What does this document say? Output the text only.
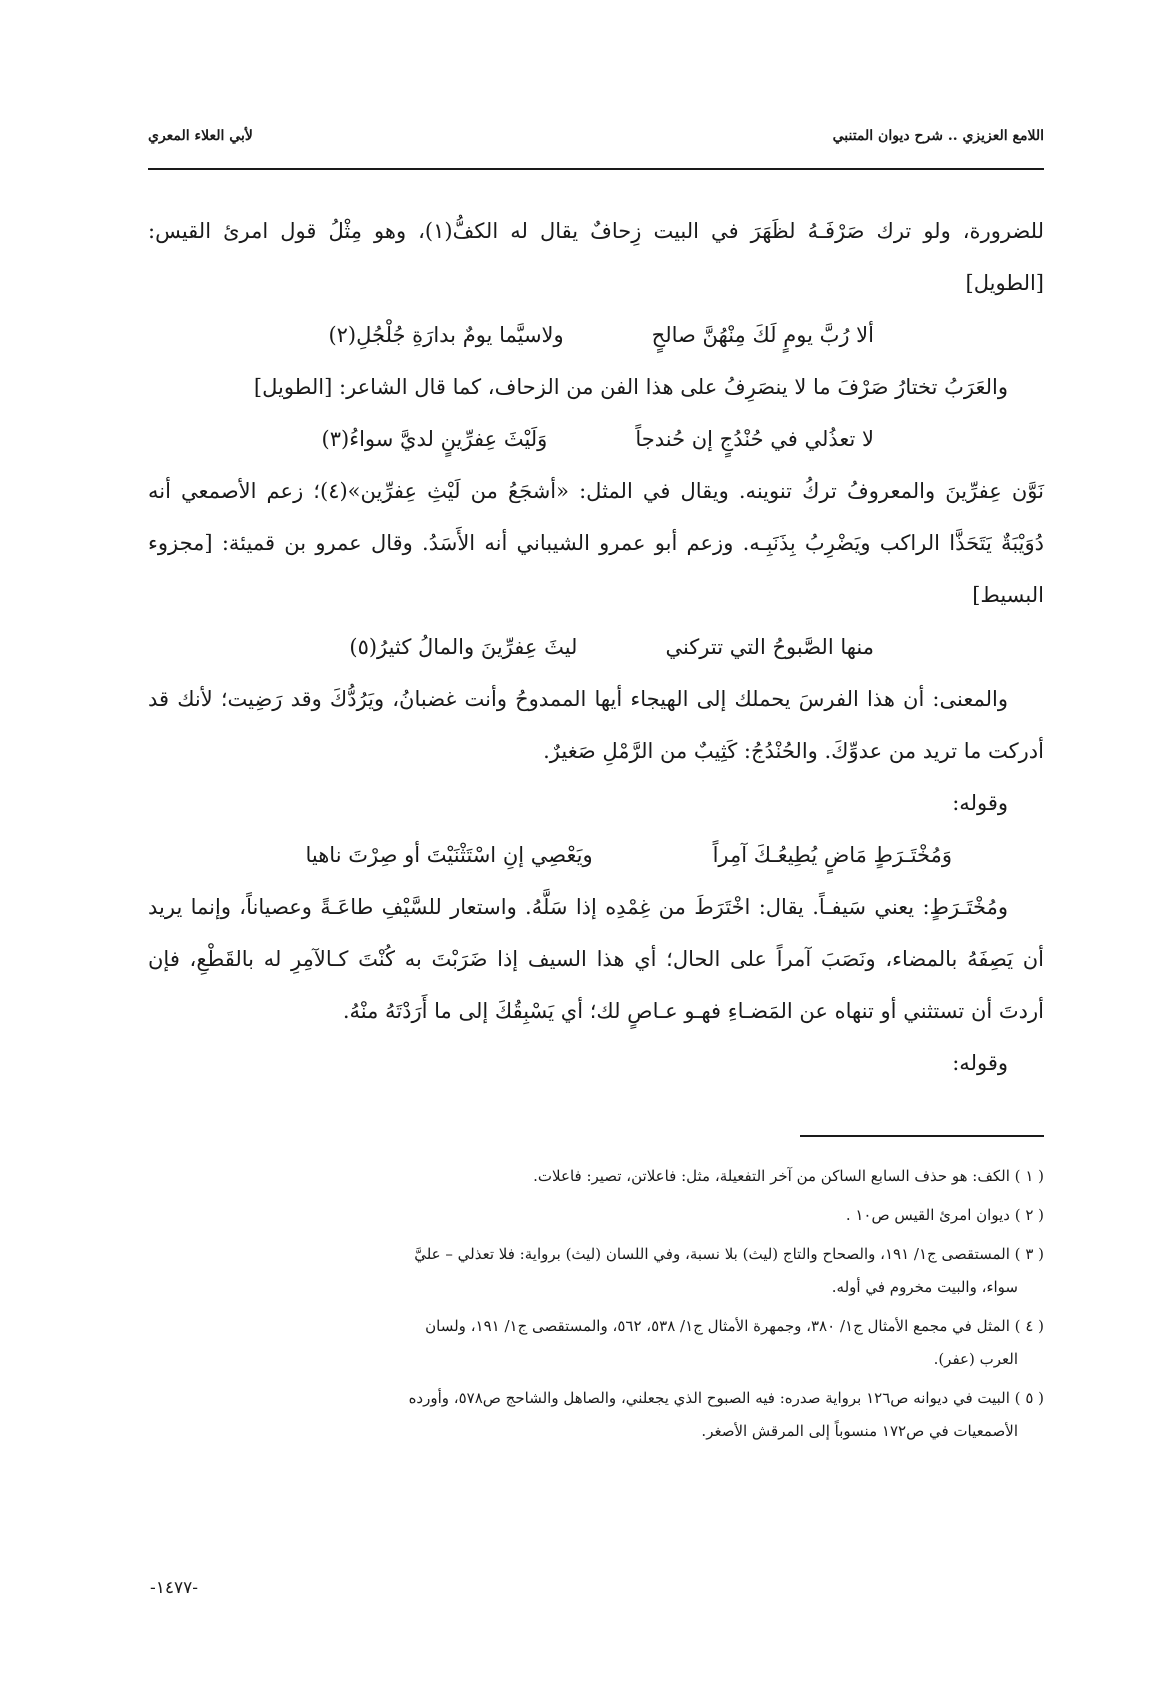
اللامع العزيزي .. شرح ديوان المتنبي
لأبي العلاء المعري

للضرورة، ولو ترك صَرْفَـهُ لظَهَرَ في البيت زِحافٌ يقال له الكفُّ(١)، وهو مِثْلُ قول امرئ القيس: [الطويل]

ألا رُبَّ يومٍ لَكَ مِنْهُنَّ صالحٍ
ولاسيَّما يومٌ بدارَةِ جُلْجُلِ(٢)

والعَرَبُ تختارُ صَرْفَ ما لا ينصَرِفُ على هذا الفن من الزحاف، كما قال الشاعر: [الطويل]

لا تعذُلي في حُنْدُجٍ إن حُندجاً
وَلَيْثَ عِفرِّينٍ لديَّ سواءُ(٣)

نَوَّن عِفرِّينَ والمعروفُ تركُ تنوينه. ويقال في المثل: «أشجَعُ من لَيْثِ عِفرِّين»(٤)؛ زعم الأصمعي أنه دُوَيْبَةٌ يَتَحَذَّا الراكب ويَضْرِبُ بِذَنَبِـه. وزعم أبو عمرو الشيباني أنه الأَسَدُ. وقال عمرو بن قميئة: [مجزوء البسيط]

منها الصَّبوحُ التي تتركني
ليثَ عِفرِّينَ والمالُ كثيرُ(٥)

والمعنى: أن هذا الفرسَ يحملك إلى الهيجاء أيها الممدوحُ وأنت غضبانُ، ويَرُدُّكَ وقد رَضِيت؛ لأنك قد أدركت ما تريد من عدوِّكَ. والحُنْدُجُ: كَثِيبٌ من الرَّمْلِ صَغيرٌ.

وقوله:

وَمُخْتَـرَطٍ مَاضٍ يُطِيعُـكَ آمِراً
ويَعْصِي إنِ اسْتَثْنَيْتَ أو صِرْتَ ناهيا

ومُخْتَـرَطٍ: يعني سَيفـاً. يقال: اخْتَرَطَ من غِمْدِه إذا سَلَّهُ. واستعار للسَّيْفِ طاعَـةً وعصياناً، وإنما يريد أن يَصِفَهُ بالمضاء، ونَصَبَ آمراً على الحال؛ أي هذا السيف إذا ضَرَبْتَ به كُنْتَ كـالآمِرِ له بالقَطْعِ، فإن أردتَ أن تستثني أو تنهاه عن المَضـاءِ فهـو عـاصٍ لك؛ أي يَسْبِقُكَ إلى ما أَرَدْتَهُ منْهُ.

وقوله:

( ١ ) الكف: هو حذف السابع الساكن من آخر التفعيلة، مثل: فاعلاتن، تصير: فاعلات.

( ٢ ) ديوان امرئ القيس ص١٠ .

( ٣ ) المستقصى ج١/ ١٩١، والصحاح والتاج (ليث) بلا نسبة، وفي اللسان (ليث) برواية: فلا تعذلي – عليَّ
سواء، والبيت مخروم في أوله.

( ٤ ) المثل في مجمع الأمثال ج١/ ٣٨٠، وجمهرة الأمثال ج١/ ٥٣٨، ٥٦٢، والمستقصى ج١/ ١٩١، ولسان
العرب (عفر).

( ٥ ) البيت في ديوانه ص١٢٦ برواية صدره: فيه الصبوح الذي يجعلني، والصاهل والشاحج ص٥٧٨، وأورده
الأصمعيات في ص١٧٢ منسوباً إلى المرقش الأصغر.

-١٤٧٧-
